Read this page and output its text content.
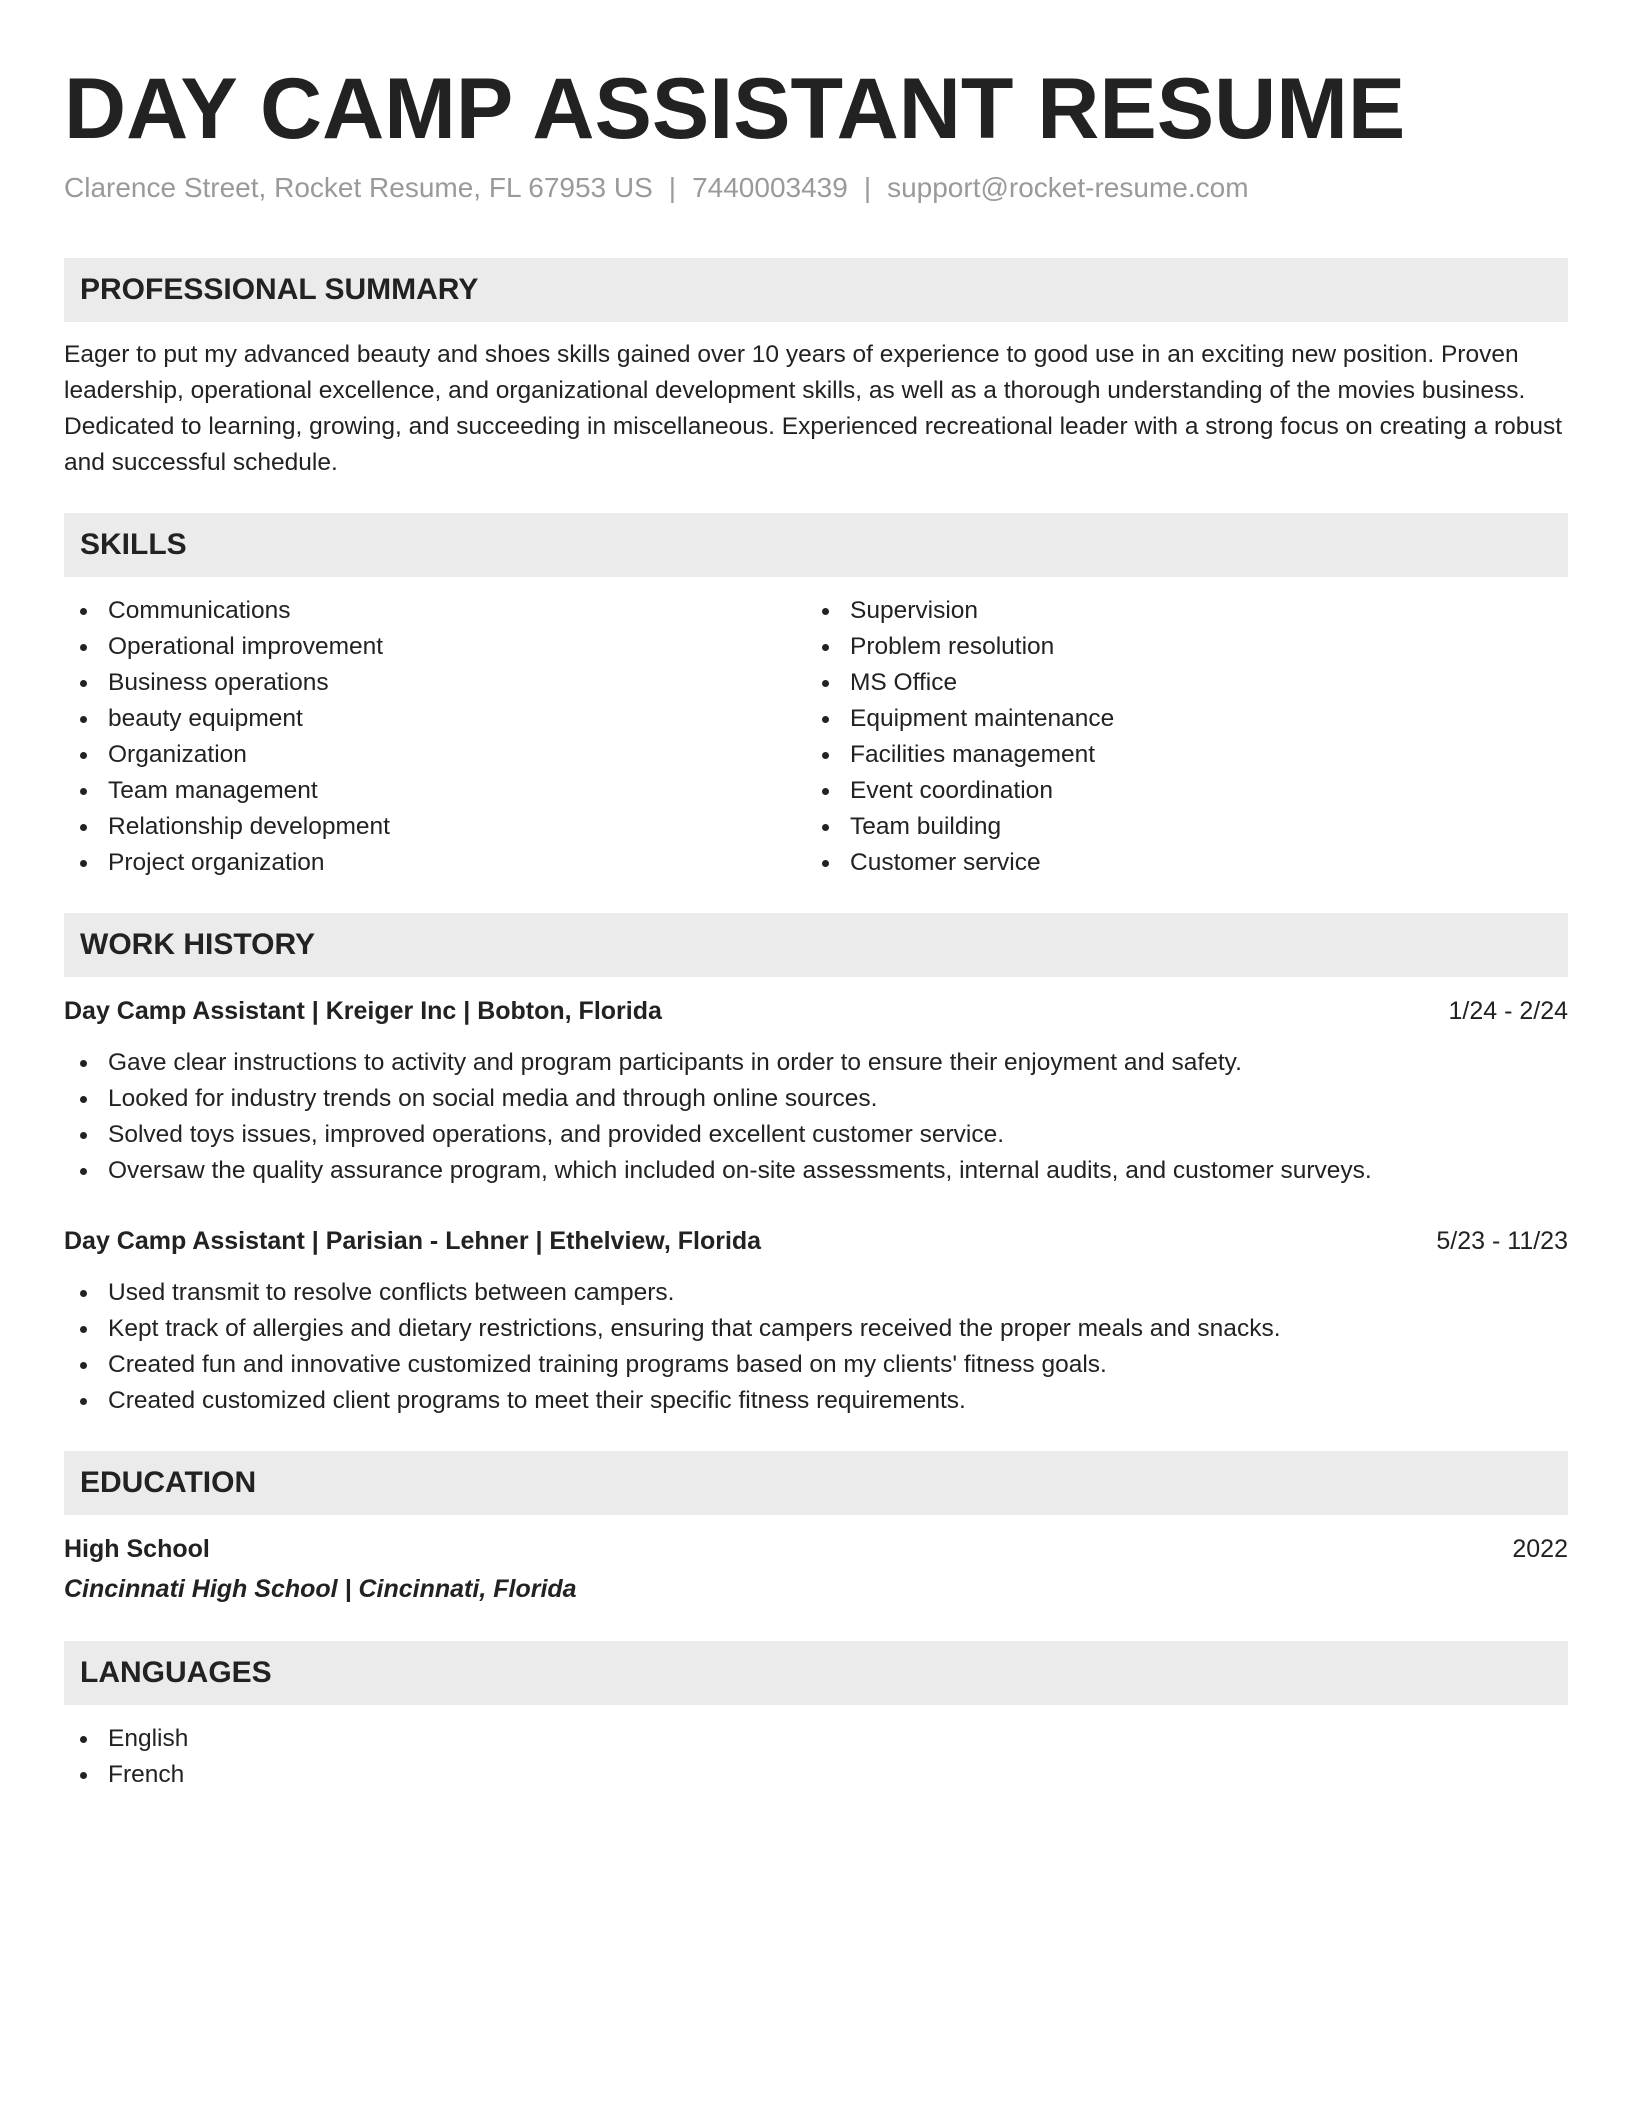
DAY CAMP ASSISTANT RESUME
Clarence Street, Rocket Resume, FL 67953 US | 7440003439 | support@rocket-resume.com
PROFESSIONAL SUMMARY

Eager to put my advanced beauty and shoes skills gained over 10 years of experience to good use in an exciting new position. Proven leadership, operational excellence, and organizational development skills, as well as a thorough understanding of the movies business. Dedicated to learning, growing, and succeeding in miscellaneous. Experienced recreational leader with a strong focus on creating a robust and successful schedule.

SKILLS
Communications
Operational improvement
Business operations
beauty equipment
Organization
Team management
Relationship development
Project organization
Supervision
Problem resolution
MS Office
Equipment maintenance
Facilities management
Event coordination
Team building
Customer service
WORK HISTORY
Day Camp Assistant | Kreiger Inc | Bobton, Florida	1/24 - 2/24
Gave clear instructions to activity and program participants in order to ensure their enjoyment and safety.
Looked for industry trends on social media and through online sources.
Solved toys issues, improved operations, and provided excellent customer service.
Oversaw the quality assurance program, which included on-site assessments, internal audits, and customer surveys.
Day Camp Assistant | Parisian - Lehner | Ethelview, Florida	5/23 - 11/23
Used transmit to resolve conflicts between campers.
Kept track of allergies and dietary restrictions, ensuring that campers received the proper meals and snacks.
Created fun and innovative customized training programs based on my clients' fitness goals.
Created customized client programs to meet their specific fitness requirements.
EDUCATION
High School	2022
Cincinnati High School | Cincinnati, Florida
LANGUAGES
English
French
